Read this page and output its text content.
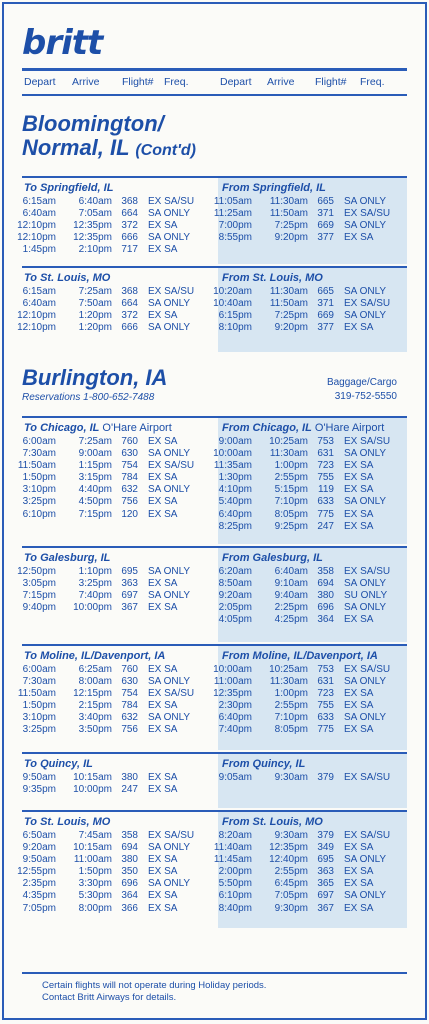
britt
Depart Arrive Flight# Freq.	Depart Arrive Flight# Freq.
Bloomington/
Normal, IL (Cont'd)
Burlington, IA
Reservations 1-800-652-7488
Baggage/Cargo
319-752-5550
Certain flights will not operate during Holiday periods.
Contact Britt Airways for details.
To Springfield, IL	From Springfield, IL
6:15am	6:40am 368	EX SA/SU
6:40am	7:05am 664	SA ONLY
12:10pm	12:35pm 372	EX SA
12:10pm	12:35pm 666	SA ONLY
1:45pm	2:10pm 717	EX SA
11:05am	11:30am 665	SA ONLY
11:25am	11:50am 371	EX SA/SU
7:00pm	7:25pm 669	SA ONLY
8:55pm	9:20pm 377	EX SA
To St. Louis, MO	From St. Louis, MO
6:15am	7:25am 368	EX SA/SU
6:40am	7:50am 664	SA ONLY
12:10pm	1:20pm 372	EX SA
12:10pm	1:20pm 666	SA ONLY
10:20am	11:30am 665	SA ONLY
10:40am	11:50am 371	EX SA/SU
6:15pm	7:25pm 669	SA ONLY
8:10pm	9:20pm 377	EX SA
To Chicago, IL O'Hare Airport	From Chicago, IL O'Hare Airport
6:00am	7:25am 760	EX SA
7:30am	9:00am 630	SA ONLY
11:50am	1:15pm 754	EX SA/SU
1:50pm	3:15pm 784	EX SA
3:10pm	4:40pm 632	SA ONLY
3:25pm	4:50pm 756	EX SA
6:10pm	7:15pm 120	EX SA
9:00am	10:25am 753	EX SA/SU
10:00am	11:30am 631	SA ONLY
11:35am	1:00pm 723	EX SA
1:30pm	2:55pm 755	EX SA
4:10pm	5:15pm	119	EX SA
5:40pm	7:10pm 633	SA ONLY
6:40pm	8:05pm 775	EX SA
8:25pm	9:25pm 247	EX SA
To Galesburg, IL	From Galesburg, IL
12:50pm	1:10pm 695	SA ONLY
3:05pm	3:25pm 363	EX SA
7:15pm	7:40pm 697	SA ONLY
9:40pm	10:00pm 367	EX SA
6:20am	6:40am 358	EX SA/SU
8:50am	9:10am 694	SA ONLY
9:20am	9:40am 380	SU ONLY
2:05pm	2:25pm 696	SA ONLY
4:05pm	4:25pm 364	EX SA
To Moline, IL/Davenport, IA	From Moline, IL/Davenport, IA
6:00am	6:25am 760	EX SA
7:30am	8:00am 630	SA ONLY
11:50am	12:15pm 754	EX SA/SU
1:50pm	2:15pm 784	EX SA
3:10pm	3:40pm 632	SA ONLY
3:25pm	3:50pm 756	EX SA
10:00am	10:25am 753	EX SA/SU
11:00am	11:30am 631	SA ONLY
12:35pm	1:00pm 723	EX SA
2:30pm	2:55pm 755	EX SA
6:40pm	7:10pm 633	SA ONLY
7:40pm	8:05pm 775	EX SA
To Quincy, IL	From Quincy, IL
9:50am	10:15am 380	EX SA
9:35pm	10:00pm 247	EX SA
9:05am	9:30am 379	EX SA/SU
To St. Louis, MO	From St. Louis, MO
6:50am	7:45am 358	EX SA/SU
9:20am	10:15am 694	SA ONLY
9:50am	11:00am 380	EX SA
12:55pm	1:50pm 350	EX SA
2:35pm	3:30pm 696	SA ONLY
4:35pm	5:30pm 364	EX SA
7:05pm	8:00pm 366	EX SA
8:20am	9:30am 379	EX SA/SU
11:40am	12:35pm 349	EX SA
11:45am	12:40pm 695	SA ONLY
2:00pm	2:55pm 363	EX SA
5:50pm	6:45pm 365	EX SA
6:10pm	7:05pm 697	SA ONLY
8:40pm	9:30pm 367	EX SA
